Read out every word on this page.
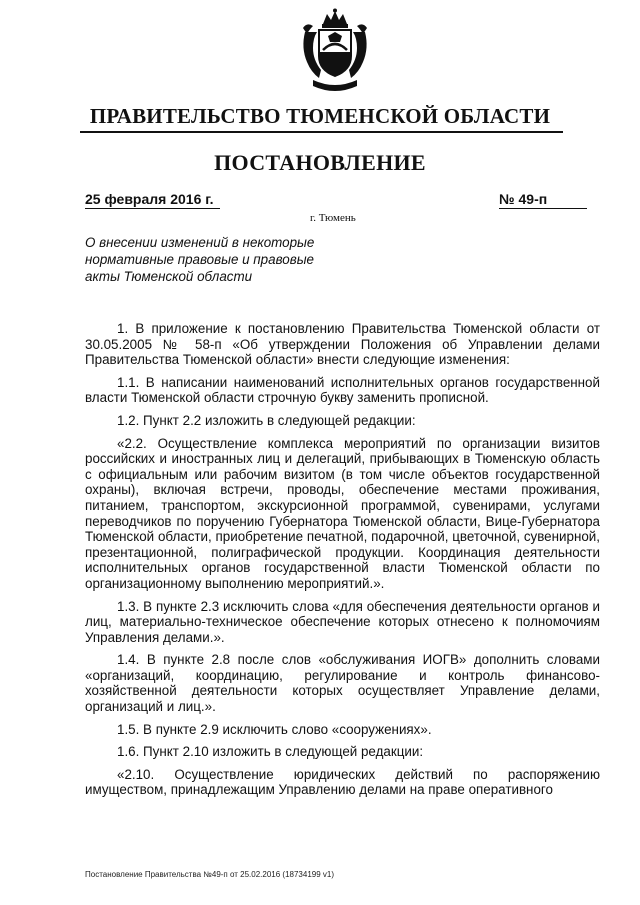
ПРАВИТЕЛЬСТВО ТЮМЕНСКОЙ ОБЛАСТИ
ПОСТАНОВЛЕНИЕ
25 февраля 2016 г.	№ 49-п
г. Тюмень
О внесении изменений в некоторые нормативные правовые и правовые акты Тюменской области

1. В приложение к постановлению Правительства Тюменской области от 30.05.2005 № 58-п «Об утверждении Положения об Управлении делами Правительства Тюменской области» внести следующие изменения:

1.1. В написании наименований исполнительных органов государственной власти Тюменской области строчную букву заменить прописной.

1.2. Пункт 2.2 изложить в следующей редакции:

«2.2. Осуществление комплекса мероприятий по организации визитов российских и иностранных лиц и делегаций, прибывающих в Тюменскую область с официальным или рабочим визитом (в том числе объектов государственной охраны), включая встречи, проводы, обеспечение местами проживания, питанием, транспортом, экскурсионной программой, сувенирами, услугами переводчиков по поручению Губернатора Тюменской области, Вице-Губернатора Тюменской области, приобретение печатной, подарочной, цветочной, сувенирной, презентационной, полиграфической продукции. Координация деятельности исполнительных органов государственной власти Тюменской области по организационному выполнению мероприятий.».

1.3. В пункте 2.3 исключить слова «для обеспечения деятельности органов и лиц, материально-техническое обеспечение которых отнесено к полномочиям Управления делами.».

1.4. В пункте 2.8 после слов «обслуживания ИОГВ» дополнить словами «организаций, координацию, регулирование и контроль финансово-хозяйственной деятельности которых осуществляет Управление делами, организаций и лиц.».

1.5. В пункте 2.9 исключить слово «сооружениях».

1.6. Пункт 2.10 изложить в следующей редакции:

«2.10. Осуществление юридических действий по распоряжению имуществом, принадлежащим Управлению делами на праве оперативного

Постановление Правительства №49-п от 25.02.2016 (18734199 v1)
